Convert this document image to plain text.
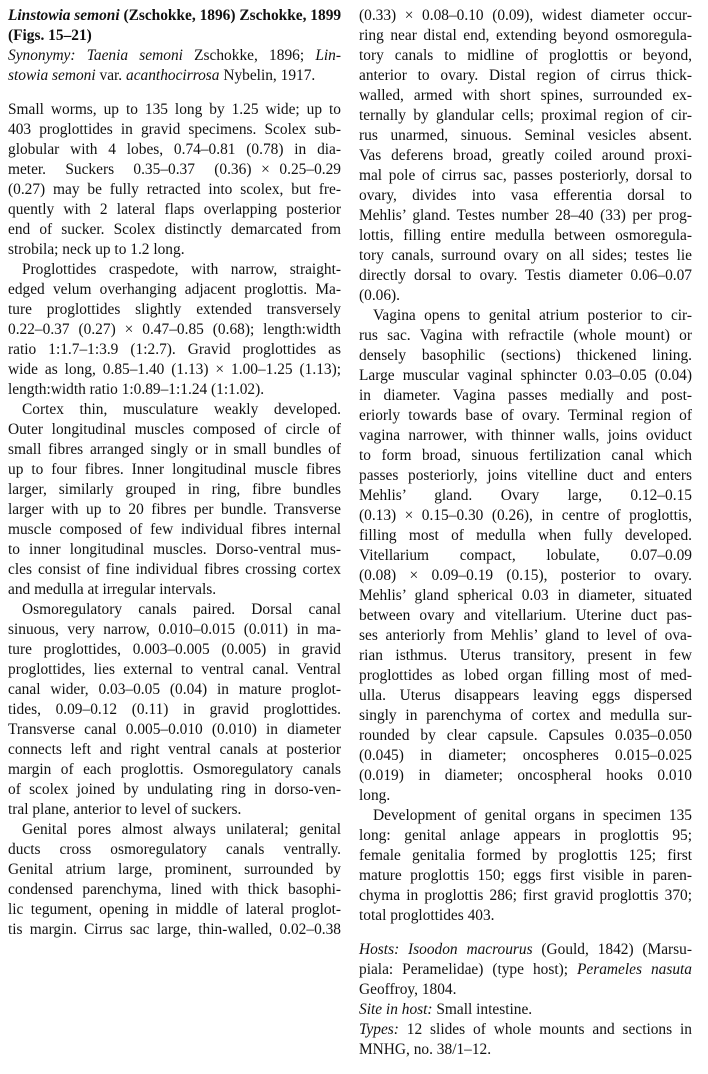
Linstowia semoni (Zschokke, 1896) Zschokke, 1899
(Figs. 15–21)
Synonymy: Taenia semoni Zschokke, 1896; Lin-
stowia semoni var. acanthocirrosa Nybelin, 1917.
Small worms, up to 135 long by 1.25 wide; up to
403 proglottides in gravid specimens. Scolex sub-
globular with 4 lobes, 0.74–0.81 (0.78) in dia-
meter.  Suckers  0.35–0.37  (0.36) × 0.25–0.29
(0.27) may be fully retracted into scolex, but fre-
quently with 2 lateral flaps overlapping posterior
end of sucker. Scolex distinctly demarcated from
strobila; neck up to 1.2 long.
Proglottides craspedote, with narrow, straight-
edged velum overhanging adjacent proglottis. Ma-
ture proglottides slightly extended transversely
0.22–0.37 (0.27) × 0.47–0.85 (0.68); length:width
ratio 1:1.7–1:3.9 (1:2.7). Gravid proglottides as
wide as long, 0.85–1.40 (1.13) × 1.00–1.25 (1.13);
length:width ratio 1:0.89–1:1.24 (1:1.02).
Cortex thin, musculature weakly developed.
Outer longitudinal muscles composed of circle of
small fibres arranged singly or in small bundles of
up to four fibres. Inner longitudinal muscle fibres
larger, similarly grouped in ring, fibre bundles
larger with up to 20 fibres per bundle. Transverse
muscle composed of few individual fibres internal
to inner longitudinal muscles. Dorso-ventral mus-
cles consist of fine individual fibres crossing cortex
and medulla at irregular intervals.
Osmoregulatory canals paired. Dorsal canal
sinuous, very narrow, 0.010–0.015 (0.011) in ma-
ture proglottides, 0.003–0.005 (0.005) in gravid
proglottides, lies external to ventral canal. Ventral
canal wider, 0.03–0.05 (0.04) in mature proglot-
tides, 0.09–0.12 (0.11) in gravid proglottides.
Transverse canal 0.005–0.010 (0.010) in diameter
connects left and right ventral canals at posterior
margin of each proglottis. Osmoregulatory canals
of scolex joined by undulating ring in dorso-ven-
tral plane, anterior to level of suckers.
Genital pores almost always unilateral; genital
ducts cross osmoregulatory canals ventrally.
Genital atrium large, prominent, surrounded by
condensed parenchyma, lined with thick basophi-
lic tegument, opening in middle of lateral proglot-
tis margin. Cirrus sac large, thin-walled, 0.02–0.38
(0.33) × 0.08–0.10 (0.09), widest diameter occur-
ring near distal end, extending beyond osmoregula-
tory canals to midline of proglottis or beyond,
anterior to ovary. Distal region of cirrus thick-
walled, armed with short spines, surrounded ex-
ternally by glandular cells; proximal region of cir-
rus unarmed, sinuous. Seminal vesicles absent.
Vas deferens broad, greatly coiled around proxi-
mal pole of cirrus sac, passes posteriorly, dorsal to
ovary, divides into vasa efferentia dorsal to
Mehlis’ gland. Testes number 28–40 (33) per prog-
lottis, filling entire medulla between osmoregula-
tory canals, surround ovary on all sides; testes lie
directly dorsal to ovary. Testis diameter 0.06–0.07
(0.06).
Vagina opens to genital atrium posterior to cir-
rus sac. Vagina with refractile (whole mount) or
densely basophilic (sections) thickened lining.
Large muscular vaginal sphincter 0.03–0.05 (0.04)
in diameter. Vagina passes medially and post-
eriorly towards base of ovary. Terminal region of
vagina narrower, with thinner walls, joins oviduct
to form broad, sinuous fertilization canal which
passes posteriorly, joins vitelline duct and enters
Mehlis’ gland. Ovary large, 0.12–0.15
(0.13) × 0.15–0.30 (0.26), in centre of proglottis,
filling most of medulla when fully developed.
Vitellarium compact, lobulate, 0.07–0.09
(0.08) × 0.09–0.19 (0.15), posterior to ovary.
Mehlis’ gland spherical 0.03 in diameter, situated
between ovary and vitellarium. Uterine duct pas-
ses anteriorly from Mehlis’ gland to level of ova-
rian isthmus. Uterus transitory, present in few
proglottides as lobed organ filling most of med-
ulla. Uterus disappears leaving eggs dispersed
singly in parenchyma of cortex and medulla sur-
rounded by clear capsule. Capsules 0.035–0.050
(0.045) in diameter; oncospheres 0.015–0.025
(0.019) in diameter; oncospheral hooks 0.010
long.
Development of genital organs in specimen 135
long: genital anlage appears in proglottis 95;
female genitalia formed by proglottis 125; first
mature proglottis 150; eggs first visible in paren-
chyma in proglottis 286; first gravid proglottis 370;
total proglottides 403.
Hosts: Isoodon macrourus (Gould, 1842) (Marsu-
piala: Peramelidae) (type host); Perameles nasuta
Geoffroy, 1804.
Site in host: Small intestine.
Types: 12 slides of whole mounts and sections in
MNHG, no. 38/1–12.
